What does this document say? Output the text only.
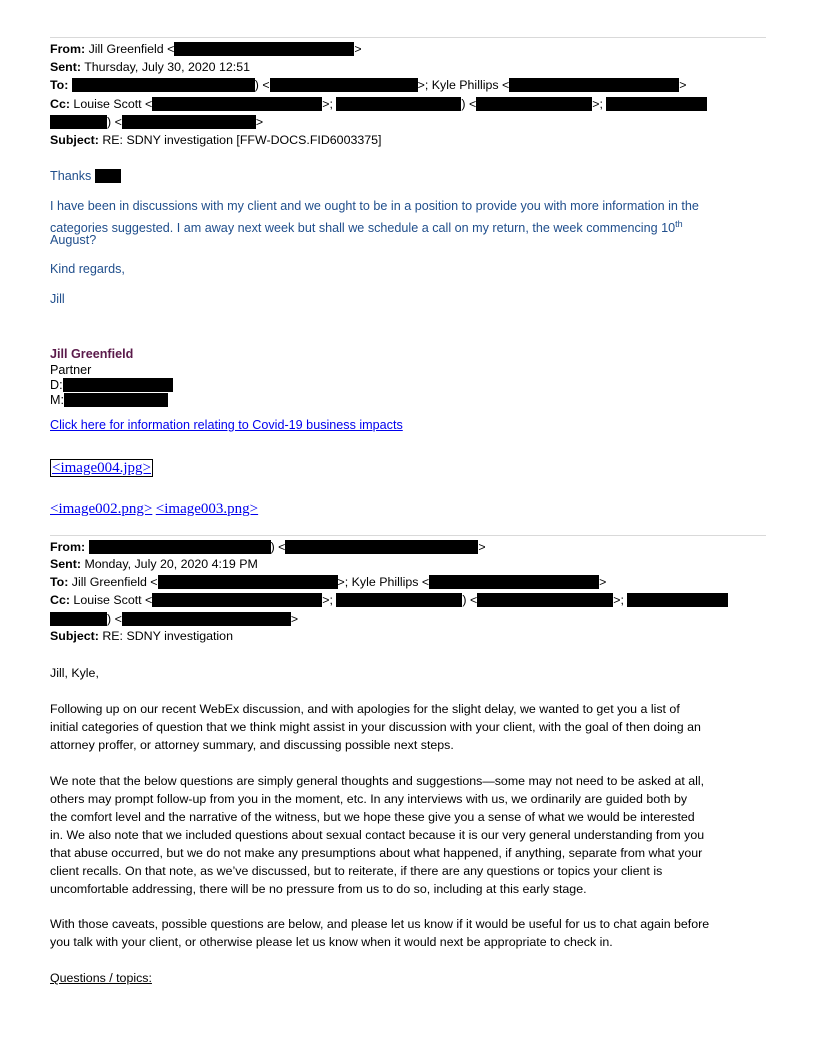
From: Jill Greenfield <	>
Sent: Thursday, July 30, 2020 12:51
To:	) <	>; Kyle Phillips <	>
Cc: Louise Scott <	>;	) <	>;
) <	>
Subject: RE: SDNY investigation [FFW-DOCS.FID6003375]
Thanks
I have been in discussions with my client and we ought to be in a position to provide you with more information in the
categories suggested. I am away next week but shall we schedule a call on my return, the week commencing 10th
August?
Kind regards,
Jill
Jill Greenfield
Partner
D:
M:
Click here for information relating to Covid-19 business impacts
<image004.jpg>
<image002.png> <image003.png>
From:	) <	>
Sent: Monday, July 20, 2020 4:19 PM
To: Jill Greenfield <	>; Kyle Phillips <	>
Cc: Louise Scott <	>;	) <	>;
) <	>
Subject: RE: SDNY investigation
Jill, Kyle,
Following up on our recent WebEx discussion, and with apologies for the slight delay, we wanted to get you a list of
initial categories of question that we think might assist in your discussion with your client, with the goal of then doing an
attorney proffer, or attorney summary, and discussing possible next steps.
We note that the below questions are simply general thoughts and suggestions—some may not need to be asked at all,
others may prompt follow-up from you in the moment, etc. In any interviews with us, we ordinarily are guided both by
the comfort level and the narrative of the witness, but we hope these give you a sense of what we would be interested
in. We also note that we included questions about sexual contact because it is our very general understanding from you
that abuse occurred, but we do not make any presumptions about what happened, if anything, separate from what your
client recalls. On that note, as we’ve discussed, but to reiterate, if there are any questions or topics your client is
uncomfortable addressing, there will be no pressure from us to do so, including at this early stage.
With those caveats, possible questions are below, and please let us know if it would be useful for us to chat again before
you talk with your client, or otherwise please let us know when it would next be appropriate to check in.
Questions / topics:
